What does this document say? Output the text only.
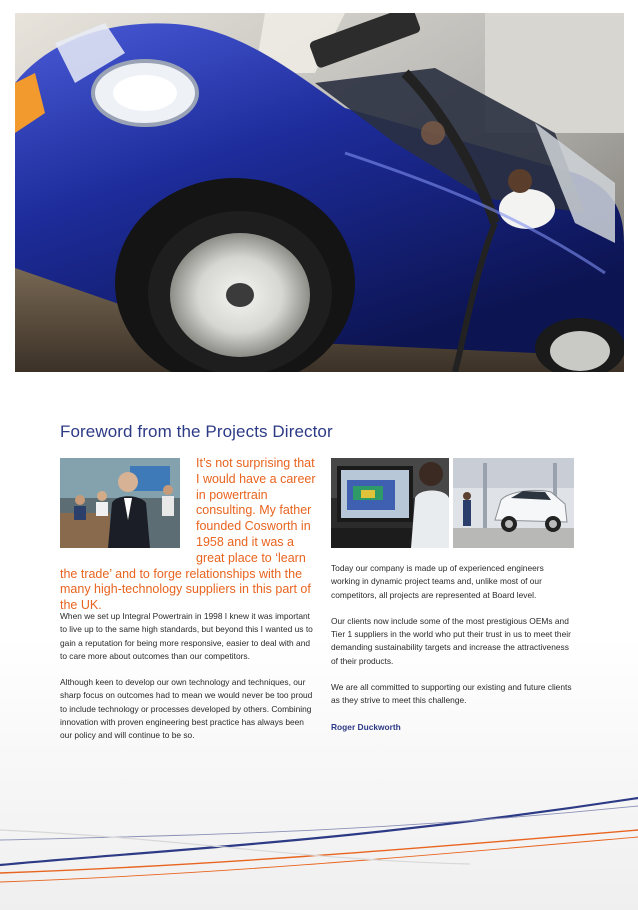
Foreword from the Projects Director

It’s not surprising that I would have a career in powertrain consulting. My father founded Cosworth in 1958 and it was a great place to ‘learn the trade’ and to forge relationships with the many high-technology suppliers in this part of the UK.

When we set up Integral Powertrain in 1998 I knew it was important to live up to the same high standards, but beyond this I wanted us to gain a reputation for being more responsive, easier to deal with and to care more about outcomes than our competitors.

Although keen to develop our own technology and techniques, our sharp focus on outcomes had to mean we would never be too proud to include technology or processes developed by others. Combining innovation with proven engineering best practice has always been our policy and will continue to be so.

Today our company is made up of experienced engineers working in dynamic project teams and, unlike most of our competitors, all projects are represented at Board level.

Our clients now include some of the most prestigious OEMs and Tier 1 suppliers in the world who put their trust in us to meet their demanding sustainability targets and increase the attractiveness of their products.

We are all committed to supporting our existing and future clients as they strive to meet this challenge.

Roger Duckworth
